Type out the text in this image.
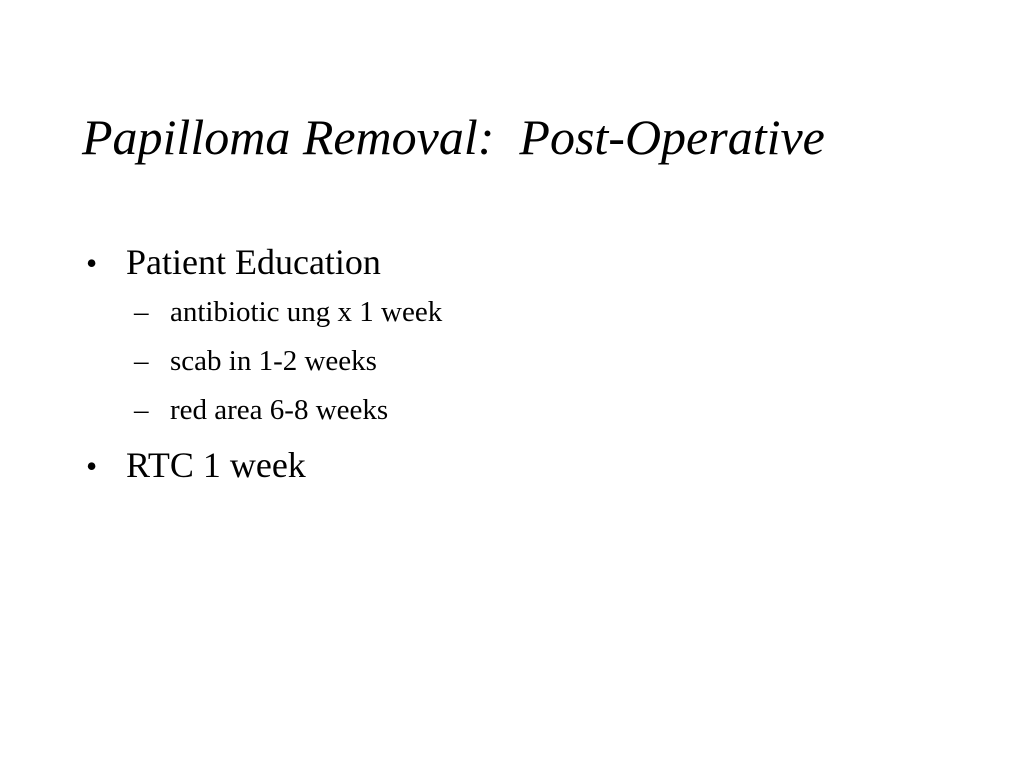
Papilloma Removal:  Post-Operative
• Patient Education
– antibiotic ung x 1 week
– scab in 1-2 weeks
– red area 6-8 weeks
• RTC 1 week
